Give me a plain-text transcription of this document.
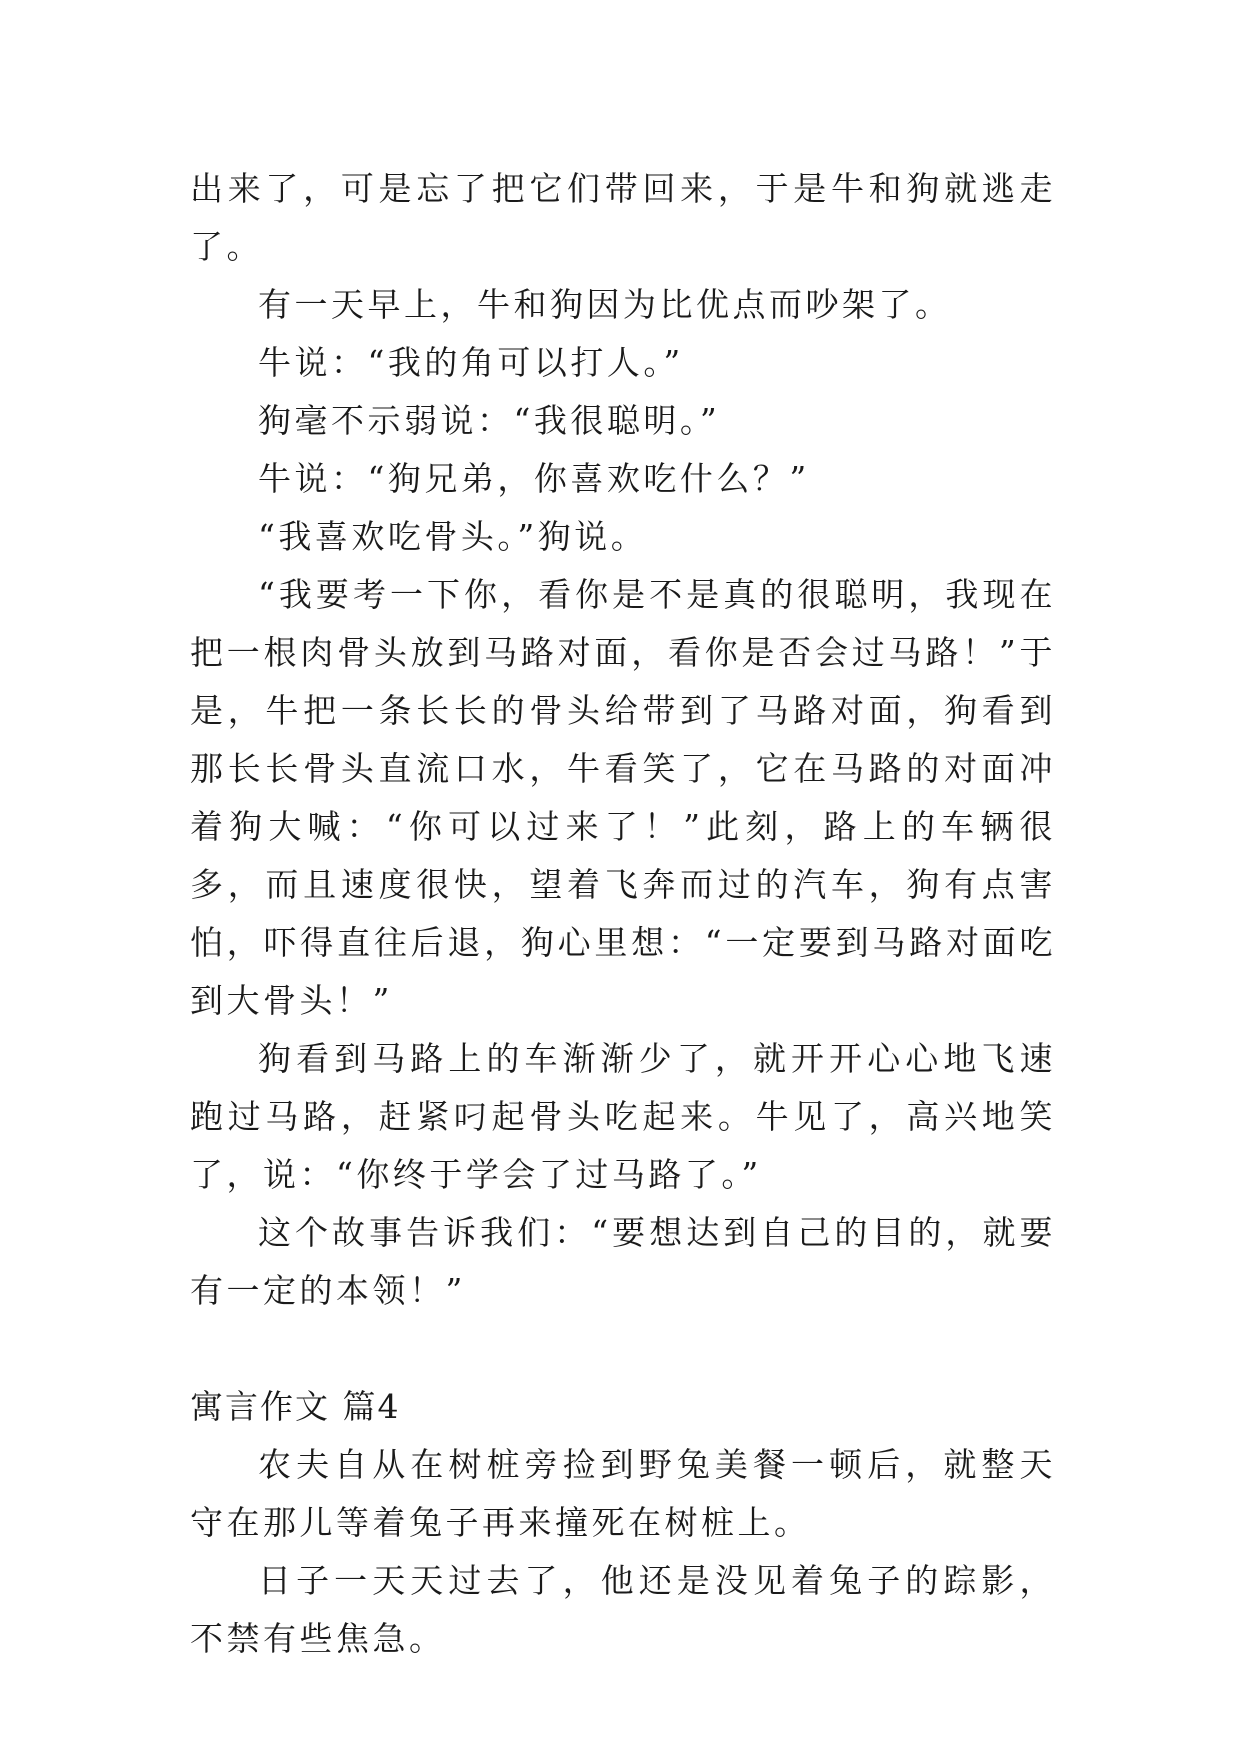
出来了，可是忘了把它们带回来，于是牛和狗就逃走了。

有一天早上，牛和狗因为比优点而吵架了。

牛说：“我的角可以打人。”

狗毫不示弱说：“我很聪明。”

牛说：“狗兄弟，你喜欢吃什么？”

“我喜欢吃骨头。”狗说。

“我要考一下你，看你是不是真的很聪明，我现在把一根肉骨头放到马路对面，看你是否会过马路！”于是，牛把一条长长的骨头给带到了马路对面，狗看到那长长骨头直流口水，牛看笑了，它在马路的对面冲着狗大喊：“你可以过来了！”此刻，路上的车辆很多，而且速度很快，望着飞奔而过的汽车，狗有点害怕，吓得直往后退，狗心里想：“一定要到马路对面吃到大骨头！”

狗看到马路上的车渐渐少了，就开开心心地飞速跑过马路，赶紧叼起骨头吃起来。牛见了，高兴地笑了，说：“你终于学会了过马路了。”

这个故事告诉我们：“要想达到自己的目的，就要有一定的本领！”

寓言作文 篇4

农夫自从在树桩旁捡到野兔美餐一顿后，就整天守在那儿等着兔子再来撞死在树桩上。

日子一天天过去了，他还是没见着兔子的踪影，不禁有些焦急。
